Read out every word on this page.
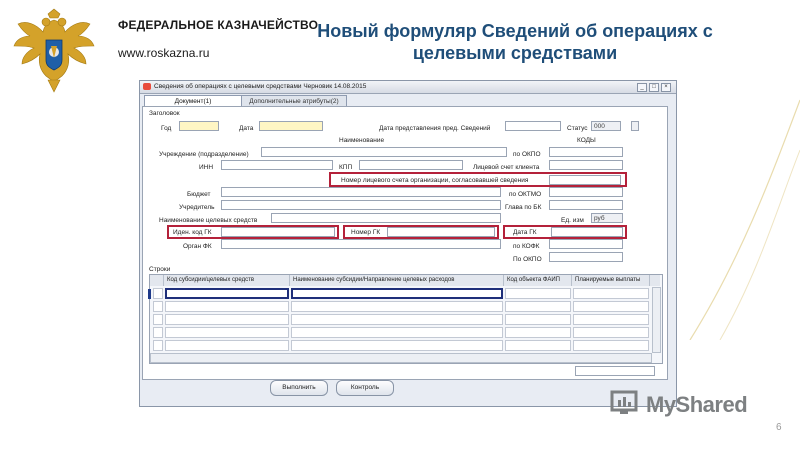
ФЕДЕРАЛЬНОЕ КАЗНАЧЕЙСТВО
www.roskazna.ru
Новый формуляр Сведений об операциях с целевыми средствами
Сведения об операциях с целевыми средствами Черновик 14.08.2015	_	□	×
Документ(1)	Дополнительные атрибуты(2)
Заголовок
Год	Дата	Дата представления пред. Сведений	Статус 000
Наименование	КОДЫ
Учреждение (подразделение)	по ОКПО
ИНН	КПП	Лицевой счет клиента
Номер лицевого счета организации, согласовавшей сведения
Бюджет	по ОКТМО
Учредитель	Глава по БК
Наименование целевых средств	Ед. изм	руб
Иден. код ГК	Номер ГК	Дата ГК
Орган ФК	по КОФК
По ОКПО
Строки
Код субсидии/целевых средств	Наименование субсидии/Направление целевых расходов	Код объекта ФАИП	Планируемые выплаты
Выполнить	Контроль
MyShared
6
